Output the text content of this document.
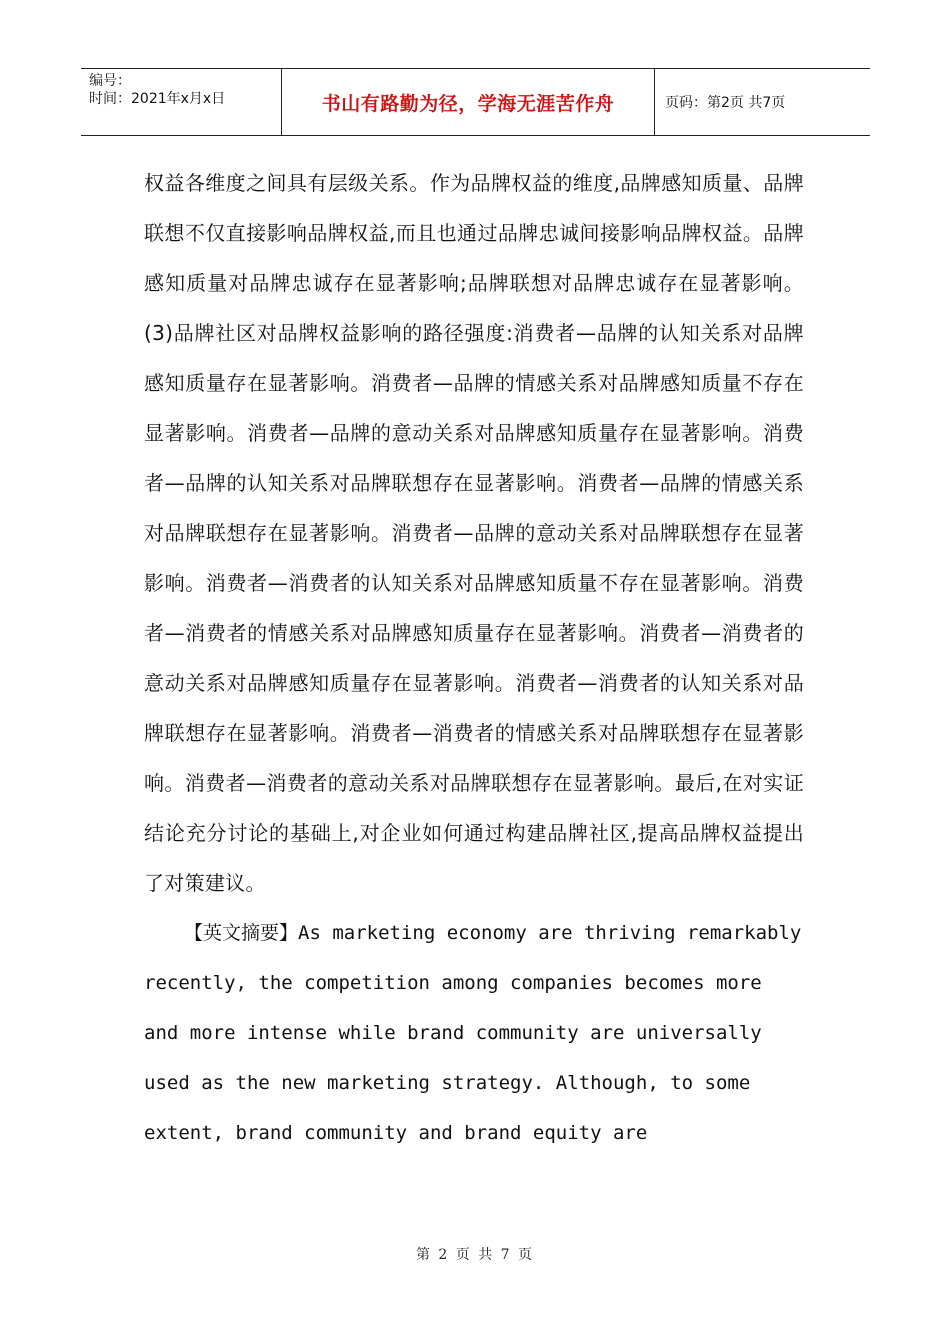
编号：
时间：2021年x月x日	书山有路勤为径，学海无涯苦作舟	页码：第2页 共7页

权益各维度之间具有层级关系。作为品牌权益的维度,品牌感知质量、品牌联想不仅直接影响品牌权益,而且也通过品牌忠诚间接影响品牌权益。品牌感知质量对品牌忠诚存在显著影响;品牌联想对品牌忠诚存在显著影响。(3)品牌社区对品牌权益影响的路径强度:消费者—品牌的认知关系对品牌感知质量存在显著影响。消费者—品牌的情感关系对品牌感知质量不存在显著影响。消费者—品牌的意动关系对品牌感知质量存在显著影响。消费者—品牌的认知关系对品牌联想存在显著影响。消费者—品牌的情感关系对品牌联想存在显著影响。消费者—品牌的意动关系对品牌联想存在显著影响。消费者—消费者的认知关系对品牌感知质量不存在显著影响。消费者—消费者的情感关系对品牌感知质量存在显著影响。消费者—消费者的意动关系对品牌感知质量存在显著影响。消费者—消费者的认知关系对品牌联想存在显著影响。消费者—消费者的情感关系对品牌联想存在显著影响。消费者—消费者的意动关系对品牌联想存在显著影响。最后,在对实证结论充分讨论的基础上,对企业如何通过构建品牌社区,提高品牌权益提出了对策建议。

【英文摘要】As marketing economy are thriving remarkably recently, the competition among companies becomes more and more intense while brand community are universally used as the new marketing strategy. Although, to some extent, brand community and brand equity are

第 2 页 共 7 页
